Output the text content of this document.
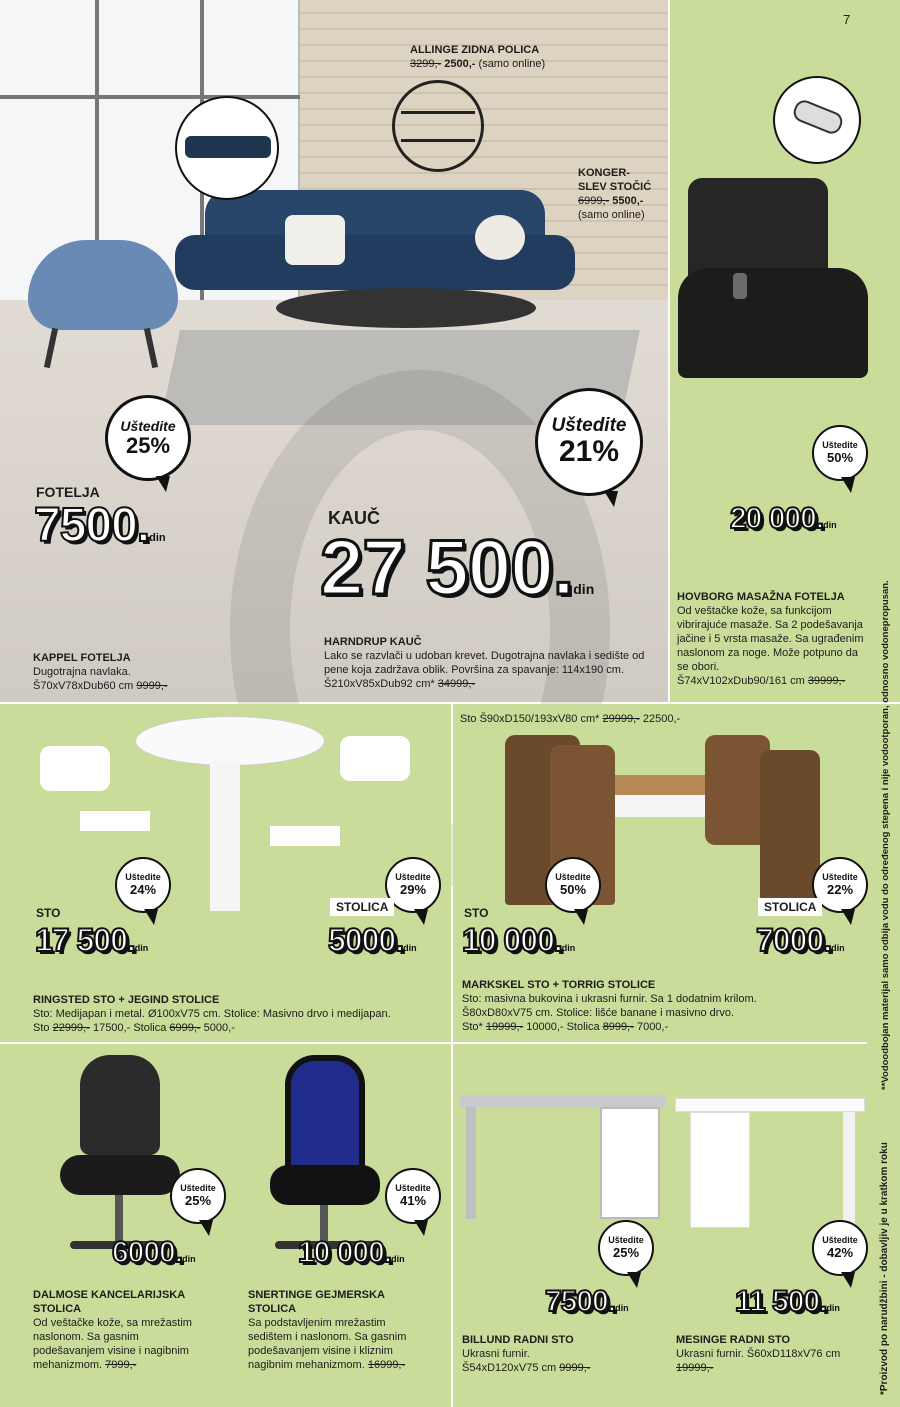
7
*Proizvod po narudžbini - dobavljiv je u kratkom roku
**Vodoodbojan materijal samo odbija vodu do određenog stepena i nije vodootporan, odnosno vodonepropusan.
ALLINGE ZIDNA POLICA
3299,- 2500,- (samo online)
KONGER-
SLEV STOČIĆ
6999,- 5500,-
(samo online)
Uštedite
25%
FOTELJA
7500.din
KAPPEL FOTELJA
Dugotrajna navlaka.
Š70xV78xDub60 cm 9999,-
Uštedite
21%
KAUČ
27 500.din
HARNDRUP KAUČ
Lako se razvlači u udoban krevet. Dugotrajna navlaka i sedište od pene koja zadržava oblik. Površina za spavanje: 114x190 cm.
Š210xV85xDub92 cm* 34999,-
Uštedite
50%
20 000.din
HOVBORG MASAŽNA FOTELJA
Od veštačke kože, sa funkcijom vibrirajuće masaže. Sa 2 podešavanja jačine i 5 vrsta masaže. Sa ugrađenim naslonom za noge. Može potpuno da se obori.
Š74xV102xDub90/161 cm 39999,-
Uštedite
24%
Uštedite
29%
STO	STOLICA
17 500.din	5000.din
RINGSTED STO + JEGIND STOLICE
Sto: Medijapan i metal. Ø100xV75 cm. Stolice: Masivno drvo i medijapan.
Sto 22999,- 17500,- Stolica 6999,- 5000,-
Sto Š90xD150/193xV80 cm* 29999,- 22500,-
Uštedite
50%
Uštedite
22%
STO	STOLICA
10 000.din	7000.din
MARKSKEL STO + TORRIG STOLICE
Sto: masivna bukovina i ukrasni furnir. Sa 1 dodatnim krilom. Š80xD80xV75 cm. Stolice: lišće banane i masivno drvo.
Sto* 19999,- 10000,- Stolica 8999,- 7000,-
Uštedite
25%
6000.din
DALMOSE KANCELARIJSKA
STOLICA
Od veštačke kože, sa mrežastim naslonom. Sa gasnim podešavanjem visine i nagibnim mehanizmom. 7999,-
Uštedite
41%
10 000.din
SNERTINGE GEJMERSKA
STOLICA
Sa podstavljenim mrežastim sedištem i naslonom. Sa gasnim podešavanjem visine i kliznim nagibnim mehanizmom. 16999,-
Uštedite
25%
7500.din
BILLUND RADNI STO
Ukrasni furnir.
Š54xD120xV75 cm 9999,-
Uštedite
42%
11 500.din
MESINGE RADNI STO
Ukrasni furnir. Š60xD118xV76 cm
19999,-
